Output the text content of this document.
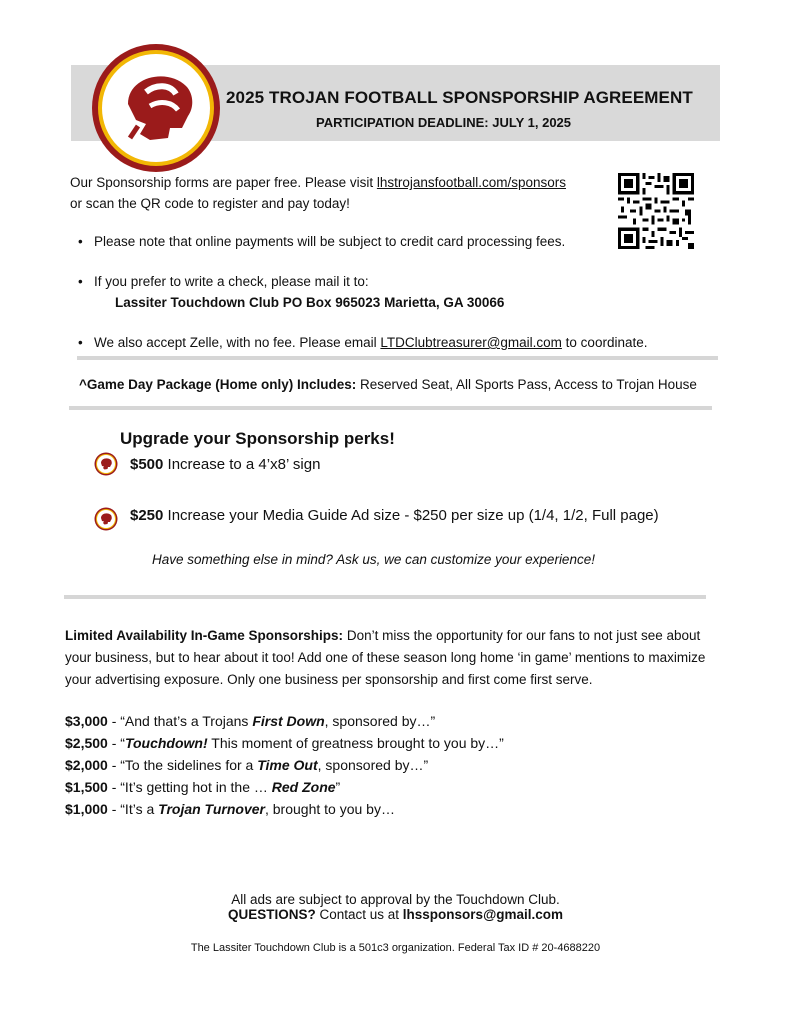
2025 TROJAN FOOTBALL SPONSPORSHIP AGREEMENT
PARTICIPATION DEADLINE: JULY 1, 2025
Our Sponsorship forms are paper free. Please visit lhstrojansfootball.com/sponsors
or scan the QR code to register and pay today!
• Please note that online payments will be subject to credit card processing fees.
• If you prefer to write a check, please mail it to:
Lassiter Touchdown Club PO Box 965023 Marietta, GA 30066
• We also accept Zelle, with no fee. Please email LTDClubtreasurer@gmail.com to coordinate.
^Game Day Package (Home only) Includes: Reserved Seat, All Sports Pass, Access to Trojan House
Upgrade your Sponsorship perks!
$500 Increase to a 4’x8’ sign
$250 Increase your Media Guide Ad size - $250 per size up (1/4, 1/2, Full page)
Have something else in mind? Ask us, we can customize your experience!
Limited Availability In-Game Sponsorships: Don’t miss the opportunity for our fans to not just see about your business, but to hear about it too! Add one of these season long home ‘in game’ mentions to maximize your advertising exposure. Only one business per sponsorship and first come first serve.
$3,000 - “And that’s a Trojans First Down, sponsored by…”
$2,500 - “Touchdown! This moment of greatness brought to you by…”
$2,000 - “To the sidelines for a Time Out, sponsored by…”
$1,500 - “It’s getting hot in the … Red Zone”
$1,000 - “It’s a Trojan Turnover, brought to you by…
All ads are subject to approval by the Touchdown Club.
QUESTIONS? Contact us at lhssponsors@gmail.com
The Lassiter Touchdown Club is a 501c3 organization. Federal Tax ID # 20-4688220
